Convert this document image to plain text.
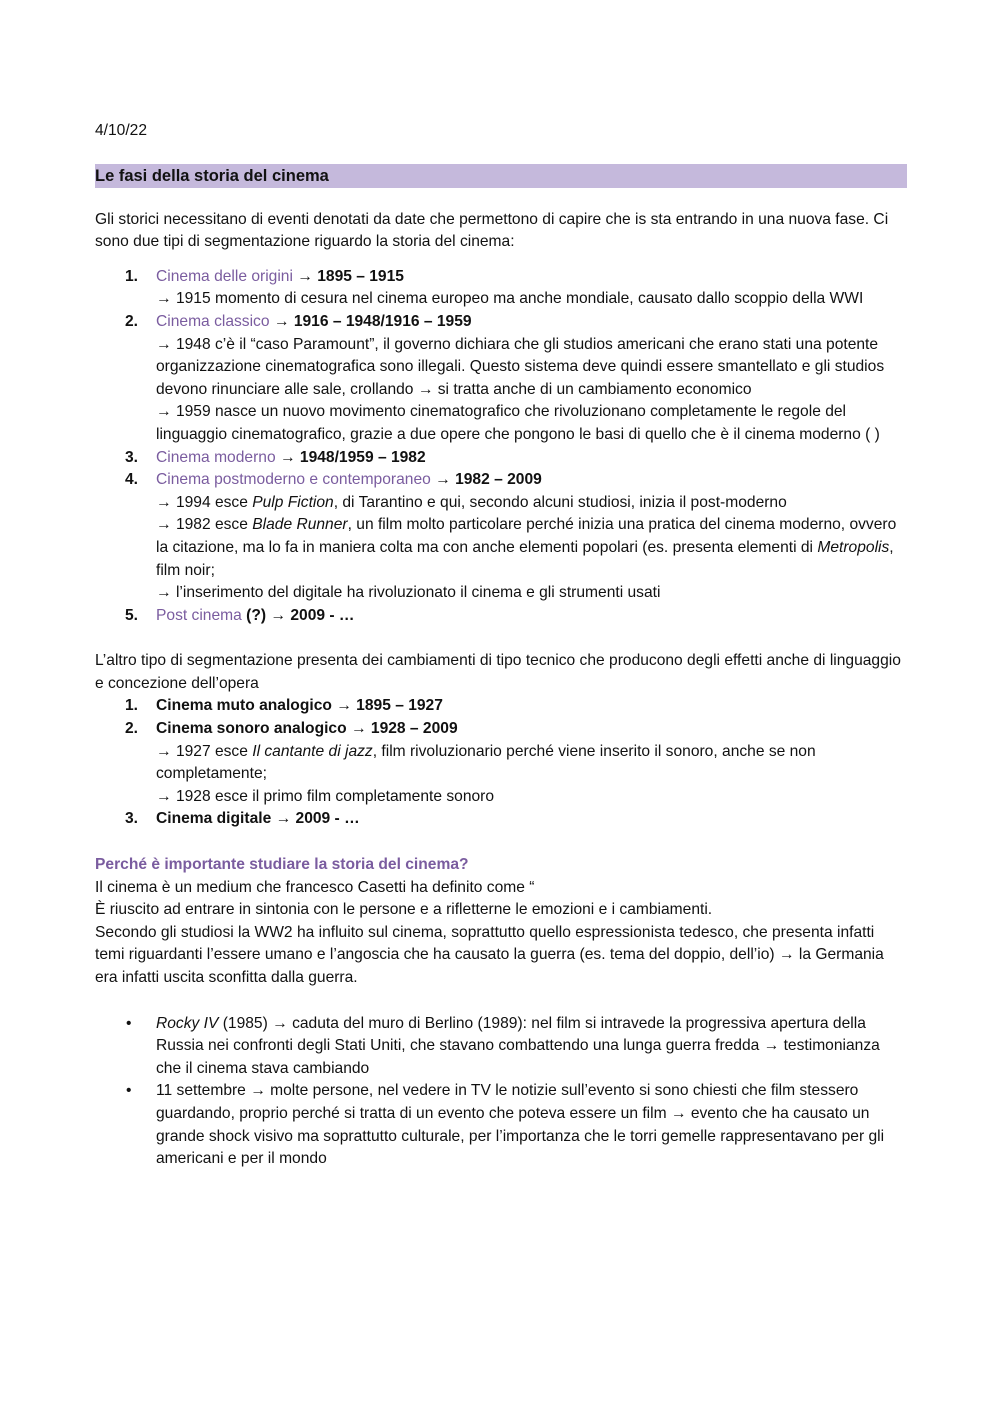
4/10/22

Le fasi della storia del cinema

Gli storici necessitano di eventi denotati da date che permettono di capire che is sta entrando in una nuova fase. Ci sono due tipi di segmentazione riguardo la storia del cinema:

1. Cinema delle origini → 1895 – 1915
→ 1915 momento di cesura nel cinema europeo ma anche mondiale, causato dallo scoppio della WWI
2. Cinema classico → 1916 – 1948/1916 – 1959
→ 1948 c’è il “caso Paramount”, il governo dichiara che gli studios americani che erano stati una potente organizzazione cinematografica sono illegali. Questo sistema deve quindi essere smantellato e gli studios devono rinunciare alle sale, crollando → si tratta anche di un cambiamento economico
→ 1959 nasce un nuovo movimento cinematografico che rivoluzionano completamente le regole del linguaggio cinematografico, grazie a due opere che pongono le basi di quello che è il cinema moderno ( )
3. Cinema moderno → 1948/1959 – 1982
4. Cinema postmoderno e contemporaneo → 1982 – 2009
→ 1994 esce Pulp Fiction, di Tarantino e qui, secondo alcuni studiosi, inizia il post-moderno
→ 1982 esce Blade Runner, un film molto particolare perché inizia una pratica del cinema moderno, ovvero la citazione, ma lo fa in maniera colta ma con anche elementi popolari (es. presenta elementi di Metropolis, film noir;
→ l’inserimento del digitale ha rivoluzionato il cinema e gli strumenti usati
5. Post cinema (?) → 2009 - …

L’altro tipo di segmentazione presenta dei cambiamenti di tipo tecnico che producono degli effetti anche di linguaggio e concezione dell’opera

1. Cinema muto analogico → 1895 – 1927
2. Cinema sonoro analogico → 1928 – 2009
→ 1927 esce Il cantante di jazz, film rivoluzionario perché viene inserito il sonoro, anche se non completamente;
→ 1928 esce il primo film completamente sonoro
3. Cinema digitale → 2009 - …

Perché è importante studiare la storia del cinema?

Il cinema è un medium che francesco Casetti ha definito come “

È riuscito ad entrare in sintonia con le persone e a rifletterne le emozioni e i cambiamenti.

Secondo gli studiosi la WW2 ha influito sul cinema, soprattutto quello espressionista tedesco, che presenta infatti temi riguardanti l’essere umano e l’angoscia che ha causato la guerra (es. tema del doppio, dell’io) → la Germania era infatti uscita sconfitta dalla guerra.

• Rocky IV (1985) → caduta del muro di Berlino (1989): nel film si intravede la progressiva apertura della Russia nei confronti degli Stati Uniti, che stavano combattendo una lunga guerra fredda → testimonianza che il cinema stava cambiando
• 11 settembre → molte persone, nel vedere in TV le notizie sull’evento si sono chiesti che film stessero guardando, proprio perché si tratta di un evento che poteva essere un film → evento che ha causato un grande shock visivo ma soprattutto culturale, per l’importanza che le torri gemelle rappresentavano per gli americani e per il mondo
